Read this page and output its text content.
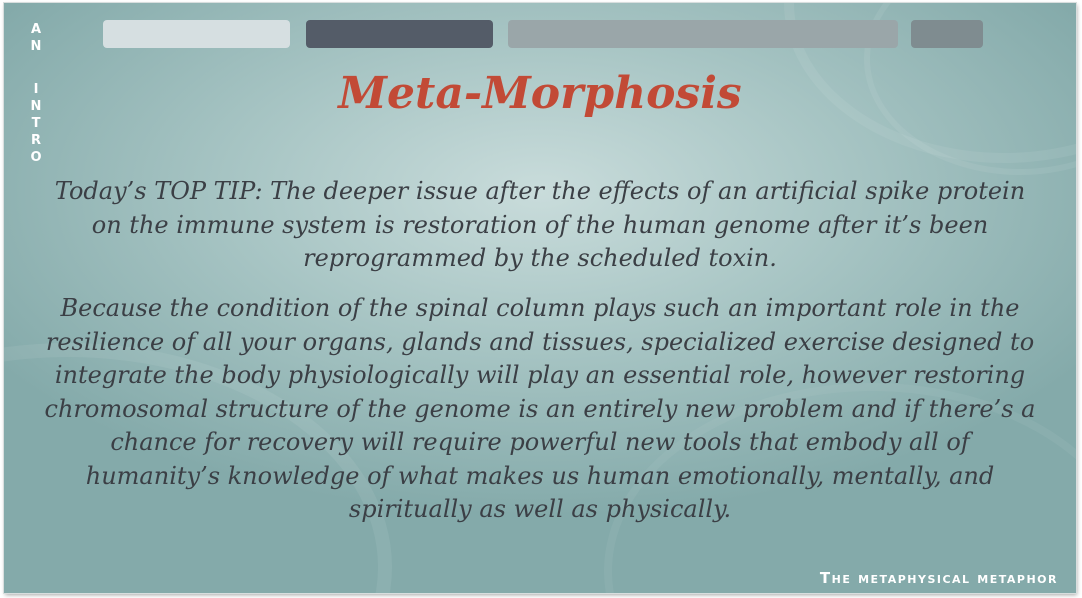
A
N
I
N
T
R
O
Meta-Morphosis

Today’s TOP TIP: The deeper issue after the effects of an artificial spike protein on the immune system is restoration of the human genome after it’s been reprogrammed by the scheduled toxin.

Because the condition of the spinal column plays such an important role in the resilience of all your organs, glands and tissues, specialized exercise designed to integrate the body physiologically will play an essential role, however restoring chromosomal structure of the genome is an entirely new problem and if there’s a chance for recovery will require powerful new tools that embody all of humanity’s knowledge of what makes us human emotionally, mentally, and spiritually as well as physically.

The metaphysical metaphor
